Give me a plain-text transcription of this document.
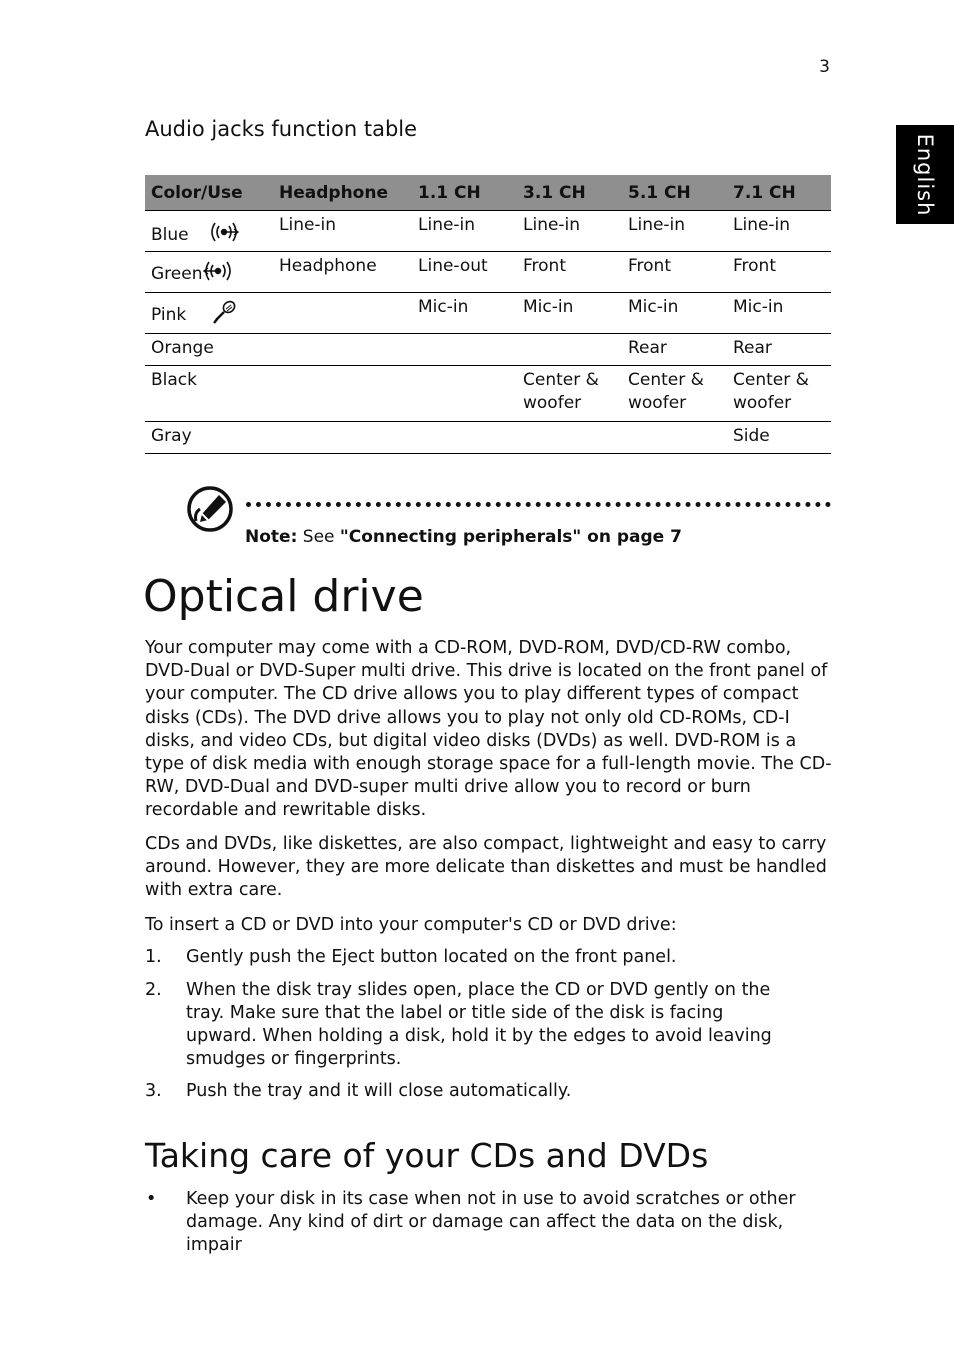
3
English
Audio jacks function table
Color/Use	Headphone	1.1 CH	3.1 CH	5.1 CH	7.1 CH
Blue	Line-in	Line-in	Line-in	Line-in	Line-in
Green	Headphone	Line-out	Front	Front	Front
Pink		Mic-in	Mic-in	Mic-in	Mic-in
Orange				Rear	Rear
Black			Center & woofer	Center & woofer	Center & woofer
Gray					Side
Note: See "Connecting peripherals" on page 7
Optical drive

Your computer may come with a CD-ROM, DVD-ROM, DVD/CD-RW combo, DVD-Dual or DVD-Super multi drive. This drive is located on the front panel of your computer. The CD drive allows you to play different types of compact disks (CDs). The DVD drive allows you to play not only old CD-ROMs, CD-I disks, and video CDs, but digital video disks (DVDs) as well. DVD-ROM is a type of disk media with enough storage space for a full-length movie. The CD-RW, DVD-Dual and DVD-super multi drive allow you to record or burn recordable and rewritable disks.

CDs and DVDs, like diskettes, are also compact, lightweight and easy to carry around. However, they are more delicate than diskettes and must be handled with extra care.

To insert a CD or DVD into your computer's CD or DVD drive:

1. Gently push the Eject button located on the front panel.
2. When the disk tray slides open, place the CD or DVD gently on the tray. Make sure that the label or title side of the disk is facing upward. When holding a disk, hold it by the edges to avoid leaving smudges or fingerprints.
3. Push the tray and it will close automatically.
Taking care of your CDs and DVDs
• Keep your disk in its case when not in use to avoid scratches or other damage. Any kind of dirt or damage can affect the data on the disk, impair
